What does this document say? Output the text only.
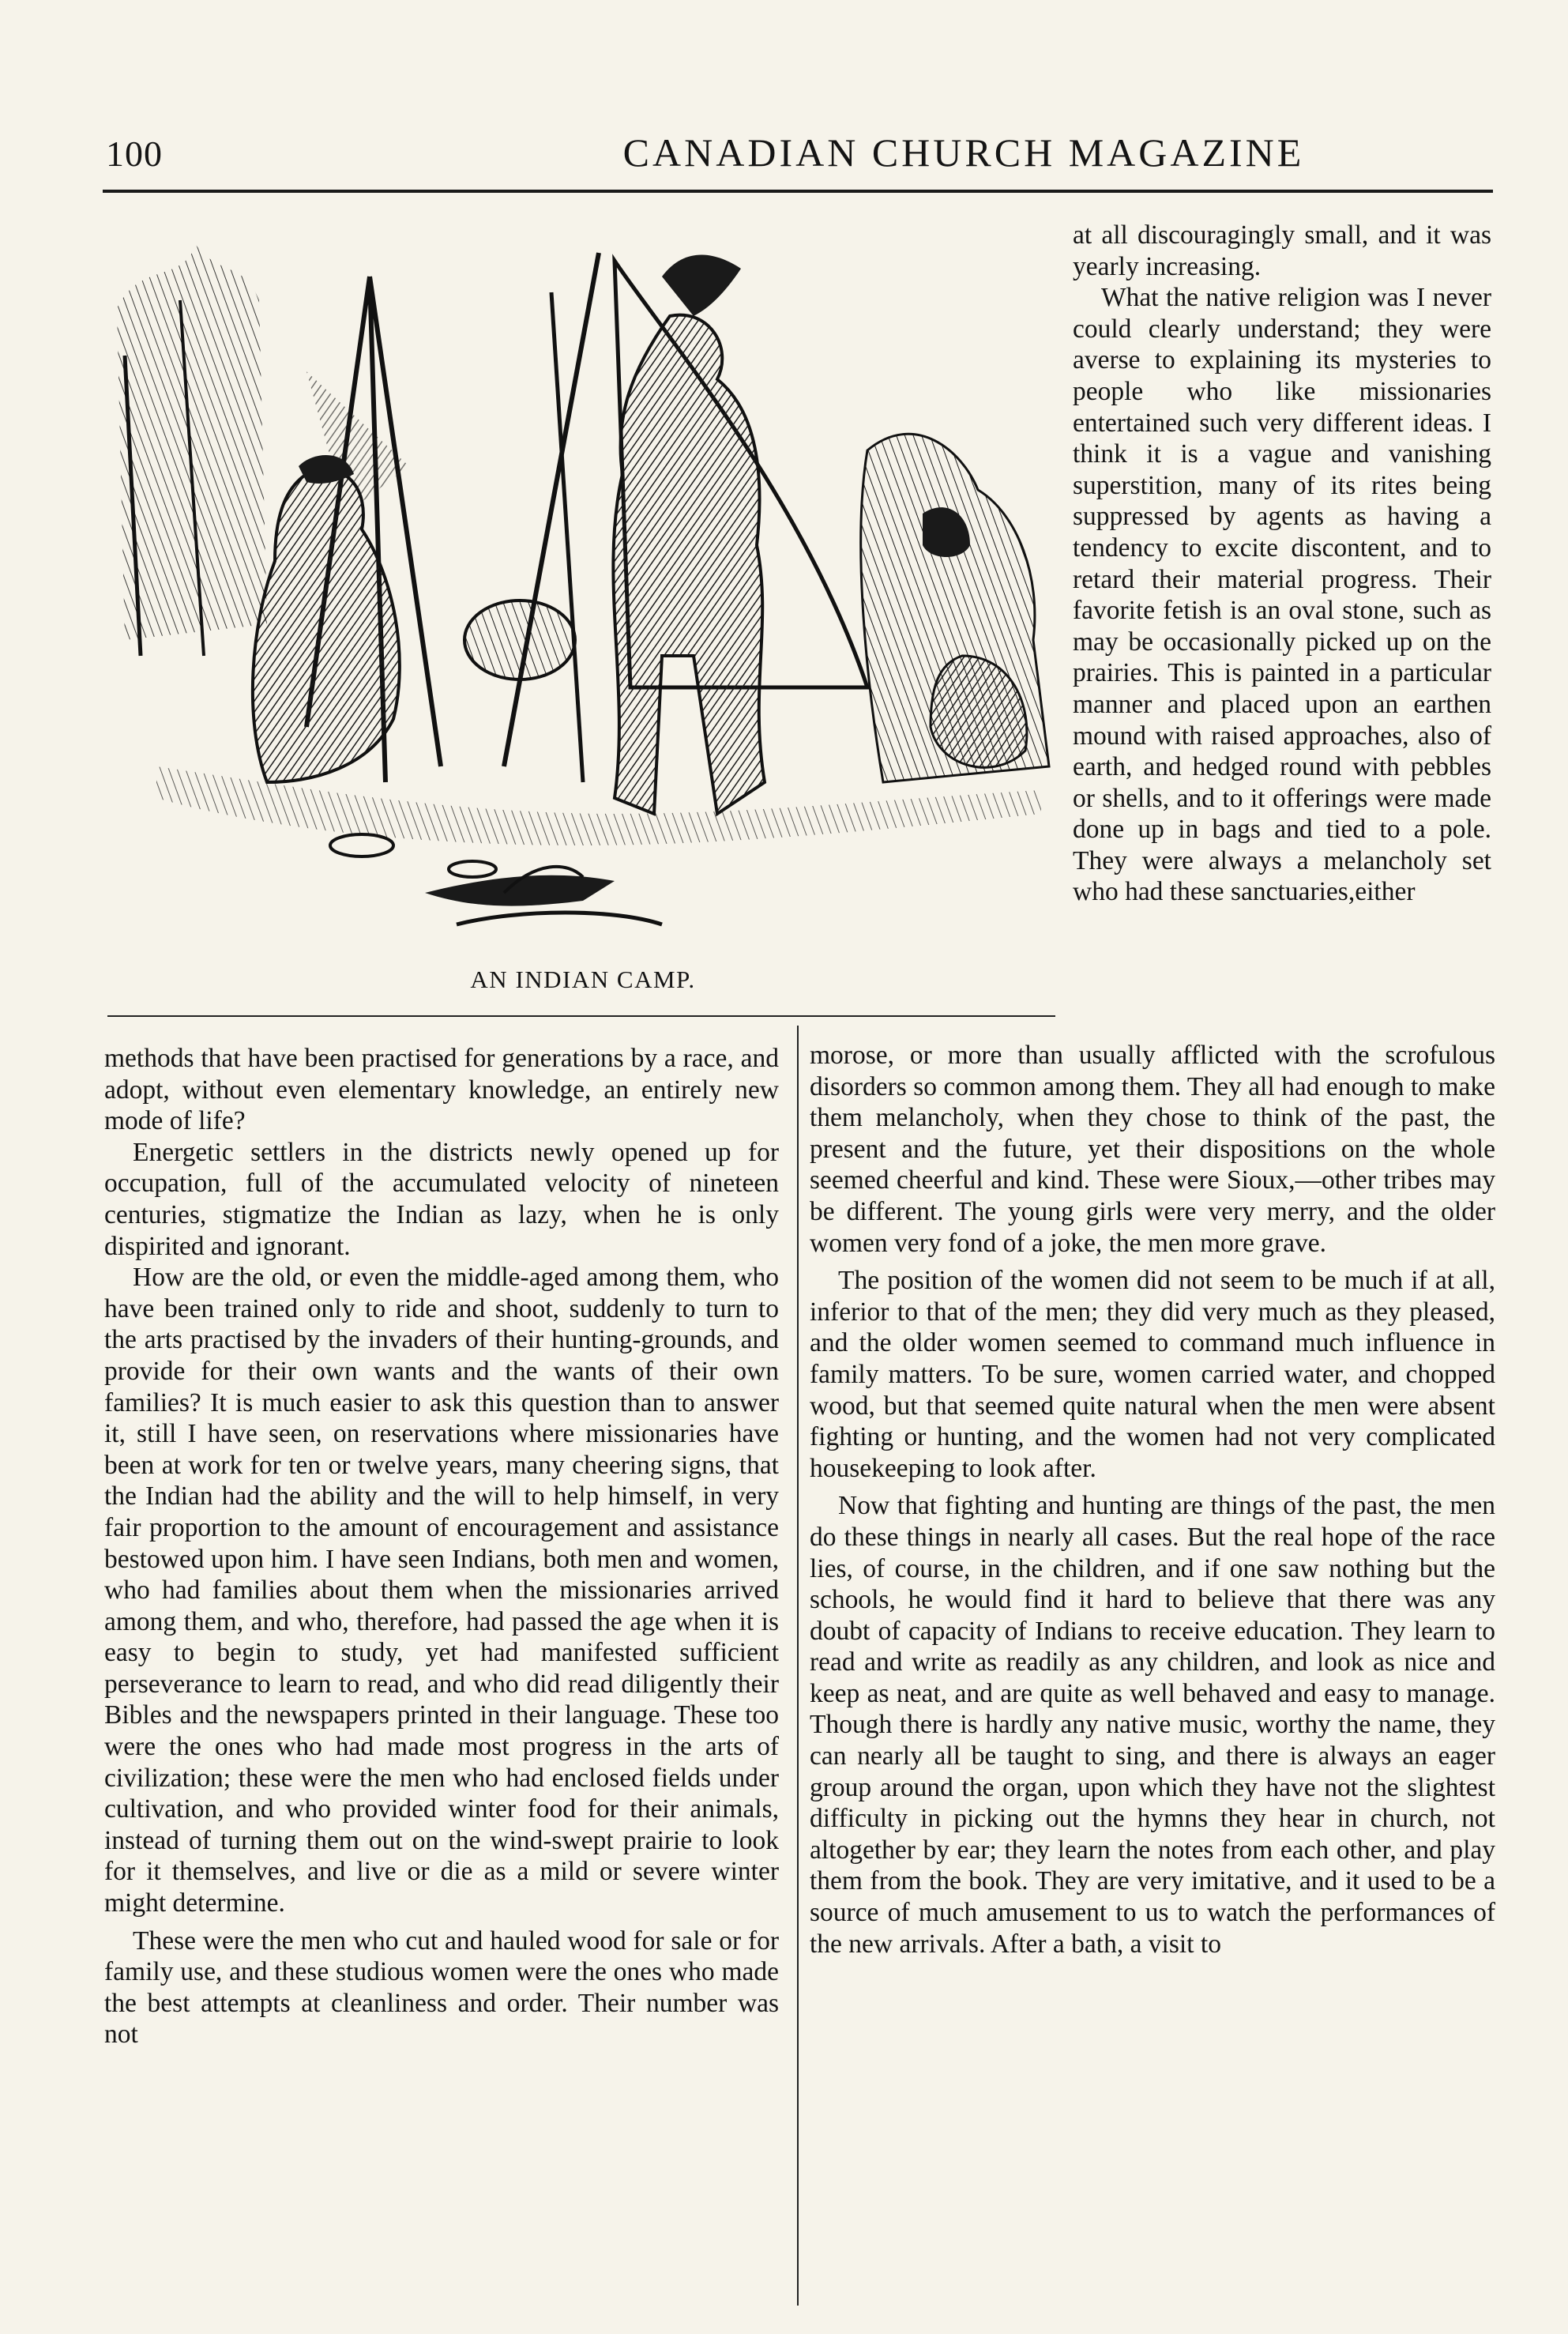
100	CANADIAN CHURCH MAGAZINE
AN INDIAN CAMP.

at all discouragingly small, and it was yearly increasing.

What the native religion was I never could clearly understand; they were averse to explaining its mysteries to people who like missionaries entertained such very different ideas. I think it is a vague and vanishing superstition, many of its rites being suppressed by agents as having a tendency to excite discontent, and to retard their material progress. Their favorite fetish is an oval stone, such as may be occasionally picked up on the prairies. This is painted in a particular manner and placed upon an earthen mound with raised approaches, also of earth, and hedged round with pebbles or shells, and to it offerings were made done up in bags and tied to a pole. They were always a melancholy set who had these sanctuaries,either

morose, or more than usually afflicted with the scrofulous disorders so common among them. They all had enough to make them melancholy, when they chose to think of the past, the present and the future, yet their dispositions on the whole seemed cheerful and kind. These were Sioux,—other tribes may be different. The young girls were very merry, and the older women very fond of a joke, the men more grave.

The position of the women did not seem to be much if at all, inferior to that of the men; they did very much as they pleased, and the older women seemed to command much influence in family matters. To be sure, women carried water, and chopped wood, but that seemed quite natural when the men were absent fighting or hunting, and the women had not very complicated housekeeping to look after.

Now that fighting and hunting are things of the past, the men do these things in nearly all cases. But the real hope of the race lies, of course, in the children, and if one saw nothing but the schools, he would find it hard to believe that there was any doubt of capacity of Indians to receive education. They learn to read and write as readily as any children, and look as nice and keep as neat, and are quite as well behaved and easy to manage. Though there is hardly any native music, worthy the name, they can nearly all be taught to sing, and there is always an eager group around the organ, upon which they have not the slightest difficulty in picking out the hymns they hear in church, not altogether by ear; they learn the notes from each other, and play them from the book. They are very imitative, and it used to be a source of much amusement to us to watch the performances of the new arrivals. After a bath, a visit to

methods that have been practised for generations by a race, and adopt, without even elementary knowledge, an entirely new mode of life?

Energetic settlers in the districts newly opened up for occupation, full of the accumulated velocity of nineteen centuries, stigmatize the Indian as lazy, when he is only dispirited and ignorant.

How are the old, or even the middle-aged among them, who have been trained only to ride and shoot, suddenly to turn to the arts practised by the invaders of their hunting-grounds, and provide for their own wants and the wants of their own families? It is much easier to ask this question than to answer it, still I have seen, on reservations where missionaries have been at work for ten or twelve years, many cheering signs, that the Indian had the ability and the will to help himself, in very fair proportion to the amount of encouragement and assistance bestowed upon him. I have seen Indians, both men and women, who had families about them when the missionaries arrived among them, and who, therefore, had passed the age when it is easy to begin to study, yet had manifested sufficient perseverance to learn to read, and who did read diligently their Bibles and the newspapers printed in their language. These too were the ones who had made most progress in the arts of civilization; these were the men who had enclosed fields under cultivation, and who provided winter food for their animals, instead of turning them out on the wind-swept prairie to look for it themselves, and live or die as a mild or severe winter might determine.

These were the men who cut and hauled wood for sale or for family use, and these studious women were the ones who made the best attempts at cleanliness and order. Their number was not
